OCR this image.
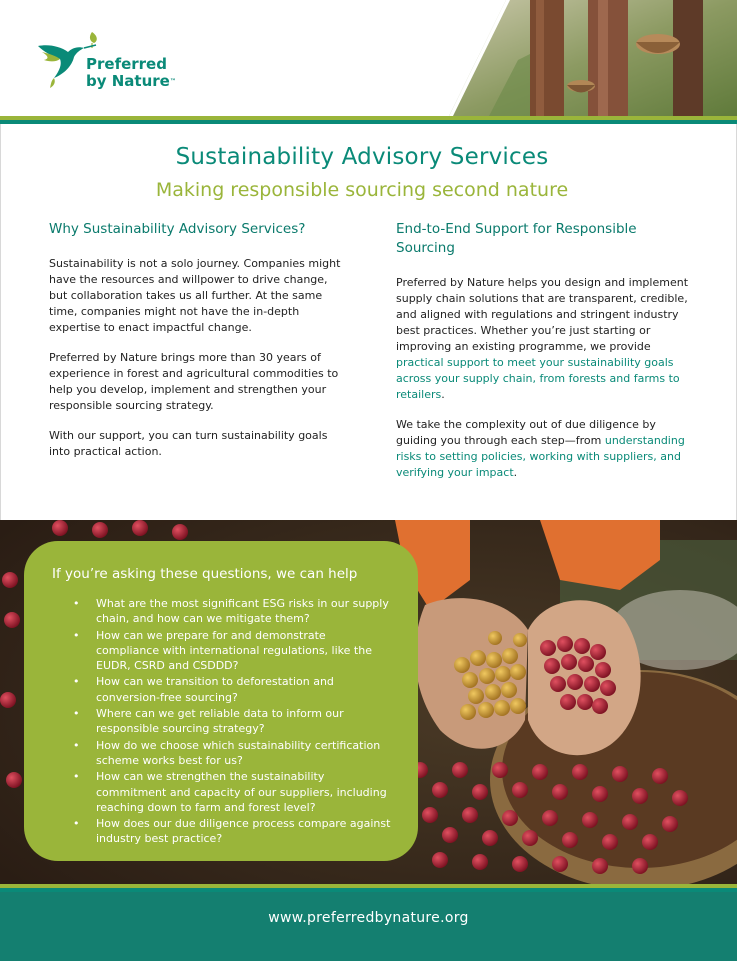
Preferred
by Nature™
Sustainability Advisory Services
Making responsible sourcing second nature
Why Sustainability Advisory Services?

Sustainability is not a solo journey. Companies might have the resources and willpower to drive change, but collaboration takes us all further. At the same time, companies might not have the in-depth expertise to enact impactful change.

Preferred by Nature brings more than 30 years of experience in forest and agricultural commodities to help you develop, implement and strengthen your responsible sourcing strategy.

With our support, you can turn sustainability goals into practical action.

End-to-End Support for Responsible Sourcing

Preferred by Nature helps you design and implement supply chain solutions that are transparent, credible, and aligned with regulations and stringent industry best practices. Whether you’re just starting or improving an existing programme, we provide practical support to meet your sustainability goals across your supply chain, from forests and farms to retailers.

We take the complexity out of due diligence by guiding you through each step—from understanding risks to setting policies, working with suppliers, and verifying your impact.

If you’re asking these questions, we can help
• What are the most significant ESG risks in our supply chain, and how can we mitigate them?
• How can we prepare for and demonstrate compliance with international regulations, like the EUDR, CSRD and CSDDD?
• How can we transition to deforestation and conversion-free sourcing?
• Where can we get reliable data to inform our responsible sourcing strategy?
• How do we choose which sustainability certification scheme works best for us?
• How can we strengthen the sustainability commitment and capacity of our suppliers, including reaching down to farm and forest level?
• How does our due diligence process compare against industry best practice?
www.preferredbynature.org
